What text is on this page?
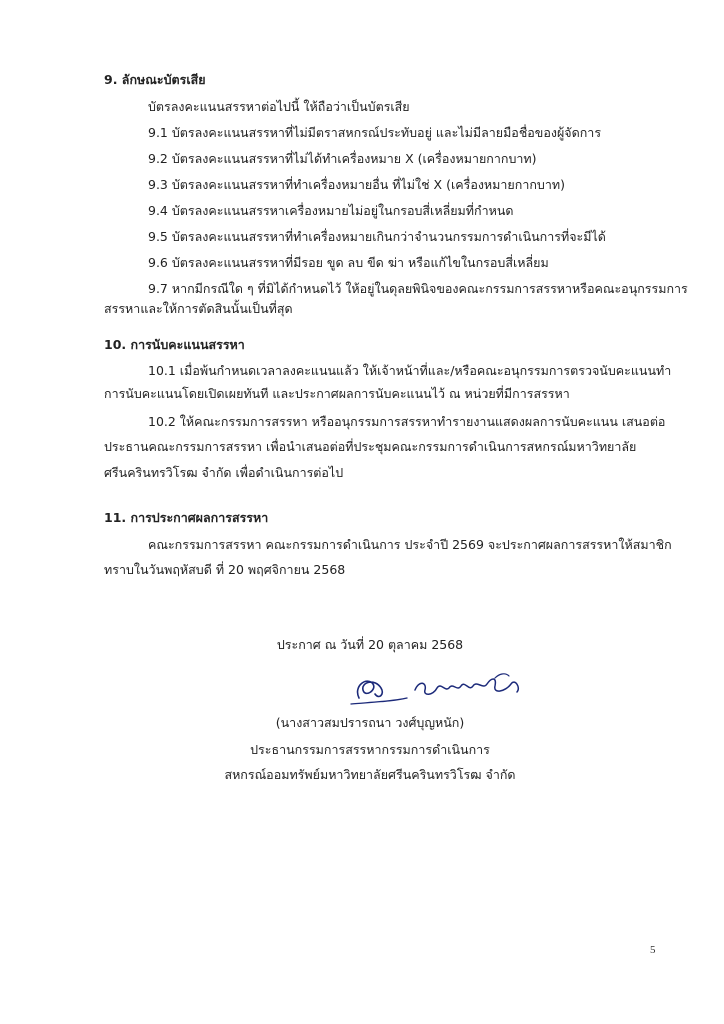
9. ลักษณะบัตรเสีย
บัตรลงคะแนนสรรหาต่อไปนี้ ให้ถือว่าเป็นบัตรเสีย
9.1 บัตรลงคะแนนสรรหาที่ไม่มีตราสหกรณ์ประทับอยู่ และไม่มีลายมือชื่อของผู้จัดการ
9.2 บัตรลงคะแนนสรรหาที่ไม่ได้ทำเครื่องหมาย X (เครื่องหมายกากบาท)
9.3 บัตรลงคะแนนสรรหาที่ทำเครื่องหมายอื่น ที่ไม่ใช่ X (เครื่องหมายกากบาท)
9.4 บัตรลงคะแนนสรรหาเครื่องหมายไม่อยู่ในกรอบสี่เหลี่ยมที่กำหนด
9.5 บัตรลงคะแนนสรรหาที่ทำเครื่องหมายเกินกว่าจำนวนกรรมการดำเนินการที่จะมีได้
9.6 บัตรลงคะแนนสรรหาที่มีรอย ขูด ลบ ขีด ฆ่า หรือแก้ไขในกรอบสี่เหลี่ยม
9.7 หากมีกรณีใด ๆ ที่มิได้กำหนดไว้ ให้อยู่ในดุลยพินิจของคณะกรรมการสรรหาหรือคณะอนุกรรมการ
สรรหาและให้การตัดสินนั้นเป็นที่สุด
10. การนับคะแนนสรรหา
10.1 เมื่อพ้นกำหนดเวลาลงคะแนนแล้ว ให้เจ้าหน้าที่และ/หรือคณะอนุกรรมการตรวจนับคะแนนทำ
การนับคะแนนโดยเปิดเผยทันที และประกาศผลการนับคะแนนไว้ ณ หน่วยที่มีการสรรหา
10.2 ให้คณะกรรมการสรรหา หรืออนุกรรมการสรรหาทำรายงานแสดงผลการนับคะแนน เสนอต่อ
ประธานคณะกรรมการสรรหา เพื่อนำเสนอต่อที่ประชุมคณะกรรมการดำเนินการสหกรณ์มหาวิทยาลัย
ศรีนครินทรวิโรฒ จำกัด เพื่อดำเนินการต่อไป
11. การประกาศผลการสรรหา
คณะกรรมการสรรหา คณะกรรมการดำเนินการ ประจำปี 2569 จะประกาศผลการสรรหาให้สมาชิก
ทราบในวันพฤหัสบดี ที่ 20 พฤศจิกายน 2568
ประกาศ ณ วันที่ 20 ตุลาคม 2568
(นางสาวสมปรารถนา วงศ์บุญหนัก)
ประธานกรรมการสรรหากรรมการดำเนินการ
สหกรณ์ออมทรัพย์มหาวิทยาลัยศรีนครินทรวิโรฒ จำกัด
5
